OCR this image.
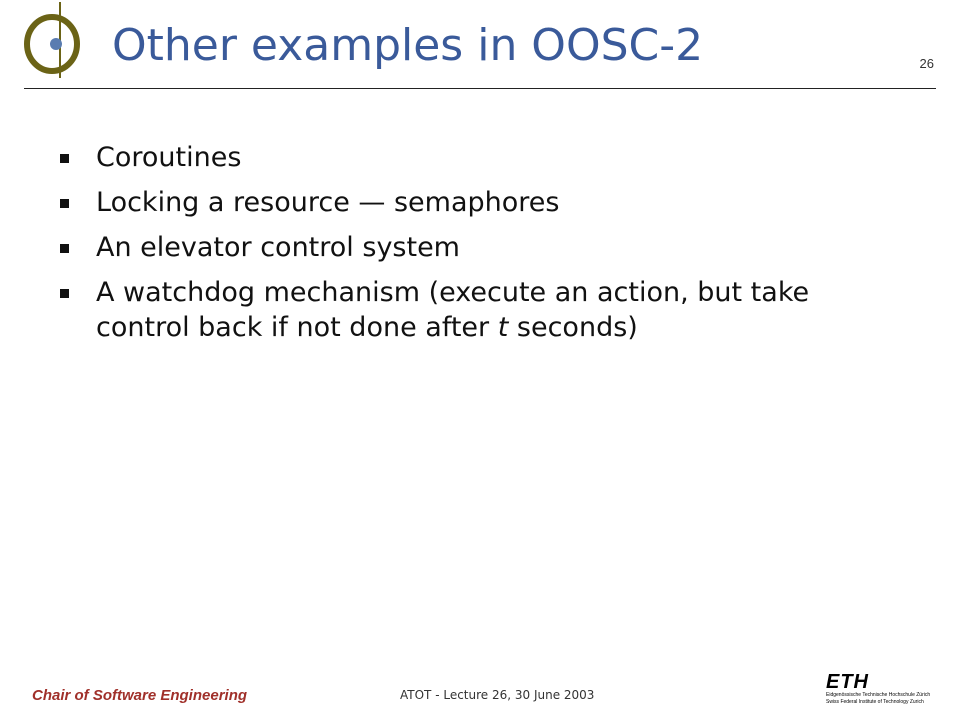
Other examples in OOSC-2	26
Coroutines
Locking a resource — semaphores
An elevator control system
A watchdog mechanism (execute an action, but take control back if not done after t seconds)
Chair of Software Engineering	ATOT - Lecture 26, 30 June 2003
ETH
Eidgenössische Technische Hochschule Zürich
Swiss Federal Institute of Technology Zurich
